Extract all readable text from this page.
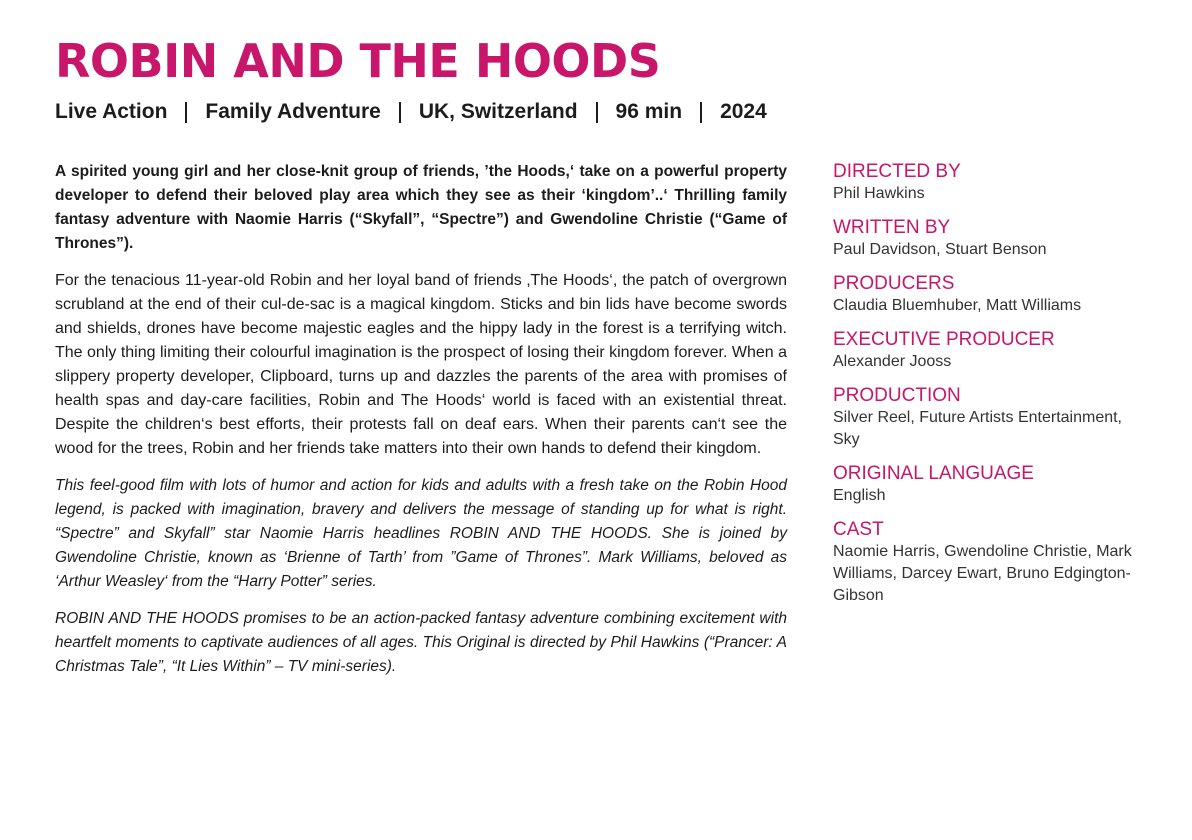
ROBIN AND THE HOODS
Live Action Family Adventure UK, Switzerland 96 min 2024

A spirited young girl and her close-knit group of friends, ’the Hoods,‘ take on a powerful property developer to defend their beloved play area which they see as their ‘kingdom’..‘ Thrilling family fantasy adventure with Naomie Harris (“Skyfall”, “Spectre”) and Gwendoline Christie (“Game of Thrones”).

For the tenacious 11-year-old Robin and her loyal band of friends ‚The Hoods‘, the patch of overgrown scrubland at the end of their cul-de-sac is a magical kingdom. Sticks and bin lids have become swords and shields, drones have become majestic eagles and the hippy lady in the forest is a terrifying witch. The only thing limiting their colourful imagination is the prospect of losing their kingdom forever. When a slippery property developer, Clipboard, turns up and dazzles the parents of the area with promises of health spas and day-care facilities, Robin and The Hoods‘ world is faced with an existential threat. Despite the children‘s best efforts, their protests fall on deaf ears. When their parents can‘t see the wood for the trees, Robin and her friends take matters into their own hands to defend their kingdom.

This feel-good film with lots of humor and action for kids and adults with a fresh take on the Robin Hood legend, is packed with imagination, bravery and delivers the message of standing up for what is right. “Spectre” and Skyfall” star Naomie Harris headlines ROBIN AND THE HOODS. She is joined by Gwendoline Christie, known as ‘Brienne of Tarth’ from ”Game of Thrones”. Mark Williams, beloved as ‘Arthur Weasley‘ from the “Harry Potter” series.

ROBIN AND THE HOODS promises to be an action-packed fantasy adventure combining excitement with heartfelt moments to captivate audiences of all ages. This Original is directed by Phil Hawkins (“Prancer: A Christmas Tale”, “It Lies Within” – TV mini-series).

DIRECTED BY
Phil Hawkins
WRITTEN BY
Paul Davidson, Stuart Benson
PRODUCERS
Claudia Bluemhuber, Matt Williams
EXECUTIVE PRODUCER
Alexander Jooss
PRODUCTION
Silver Reel, Future Artists Entertainment, Sky
ORIGINAL LANGUAGE
English
CAST
Naomie Harris, Gwendoline Christie, Mark Williams, Darcey Ewart, Bruno Edgington-Gibson
